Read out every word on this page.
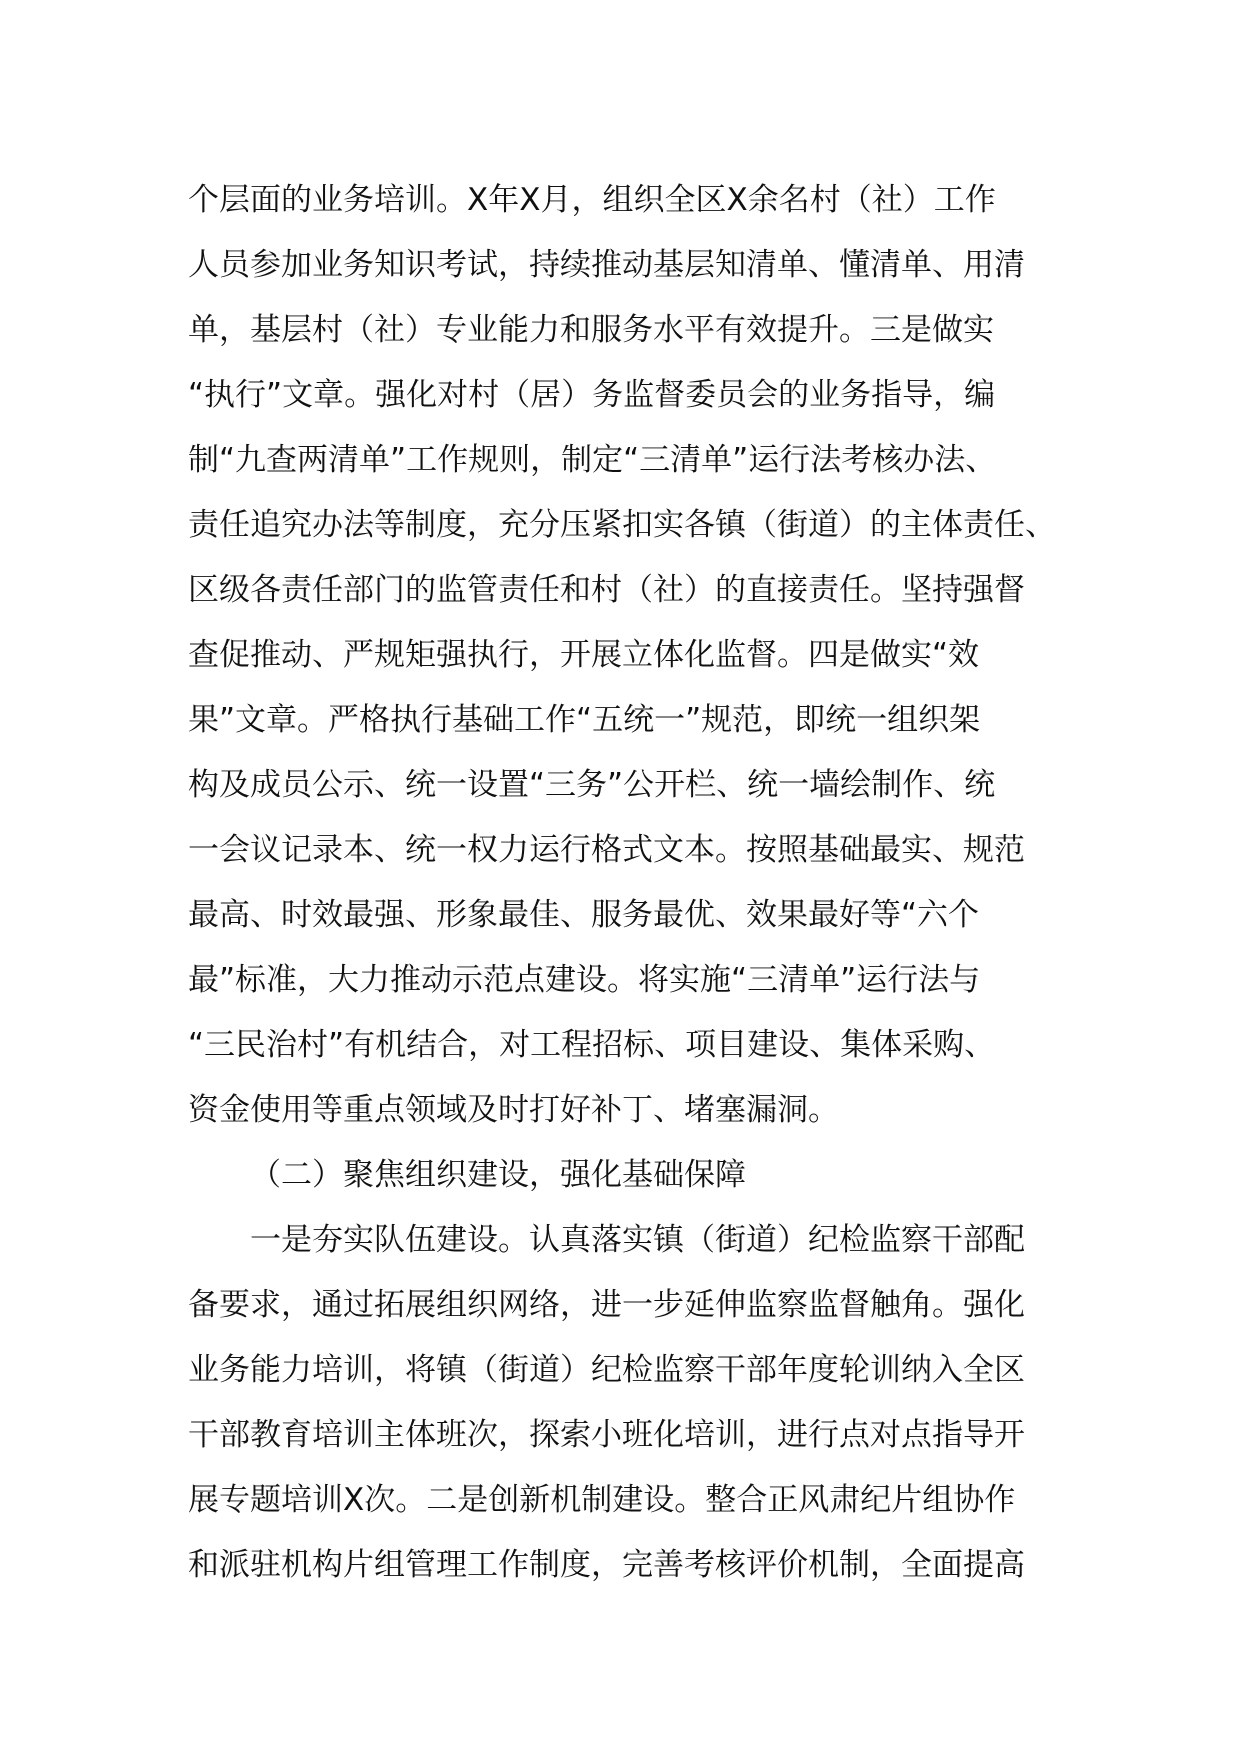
个层面的业务培训。X年X月，组织全区X余名村（社）工作

人员参加业务知识考试，持续推动基层知清单、懂清单、用清

单，基层村（社）专业能力和服务水平有效提升。三是做实

“执行”文章。强化对村（居）务监督委员会的业务指导，编

制“九查两清单”工作规则，制定“三清单”运行法考核办法、

责任追究办法等制度，充分压紧扣实各镇（街道）的主体责任、

区级各责任部门的监管责任和村（社）的直接责任。坚持强督

查促推动、严规矩强执行，开展立体化监督。四是做实“效

果”文章。严格执行基础工作“五统一”规范，即统一组织架

构及成员公示、统一设置“三务”公开栏、统一墙绘制作、统

一会议记录本、统一权力运行格式文本。按照基础最实、规范

最高、时效最强、形象最佳、服务最优、效果最好等“六个

最”标准，大力推动示范点建设。将实施“三清单”运行法与

“三民治村”有机结合，对工程招标、项目建设、集体采购、

资金使用等重点领域及时打好补丁、堵塞漏洞。

（二）聚焦组织建设，强化基础保障

一是夯实队伍建设。认真落实镇（街道）纪检监察干部配

备要求，通过拓展组织网络，进一步延伸监察监督触角。强化

业务能力培训，将镇（街道）纪检监察干部年度轮训纳入全区

干部教育培训主体班次，探索小班化培训，进行点对点指导开

展专题培训X次。二是创新机制建设。整合正风肃纪片组协作

和派驻机构片组管理工作制度，完善考核评价机制，全面提高
